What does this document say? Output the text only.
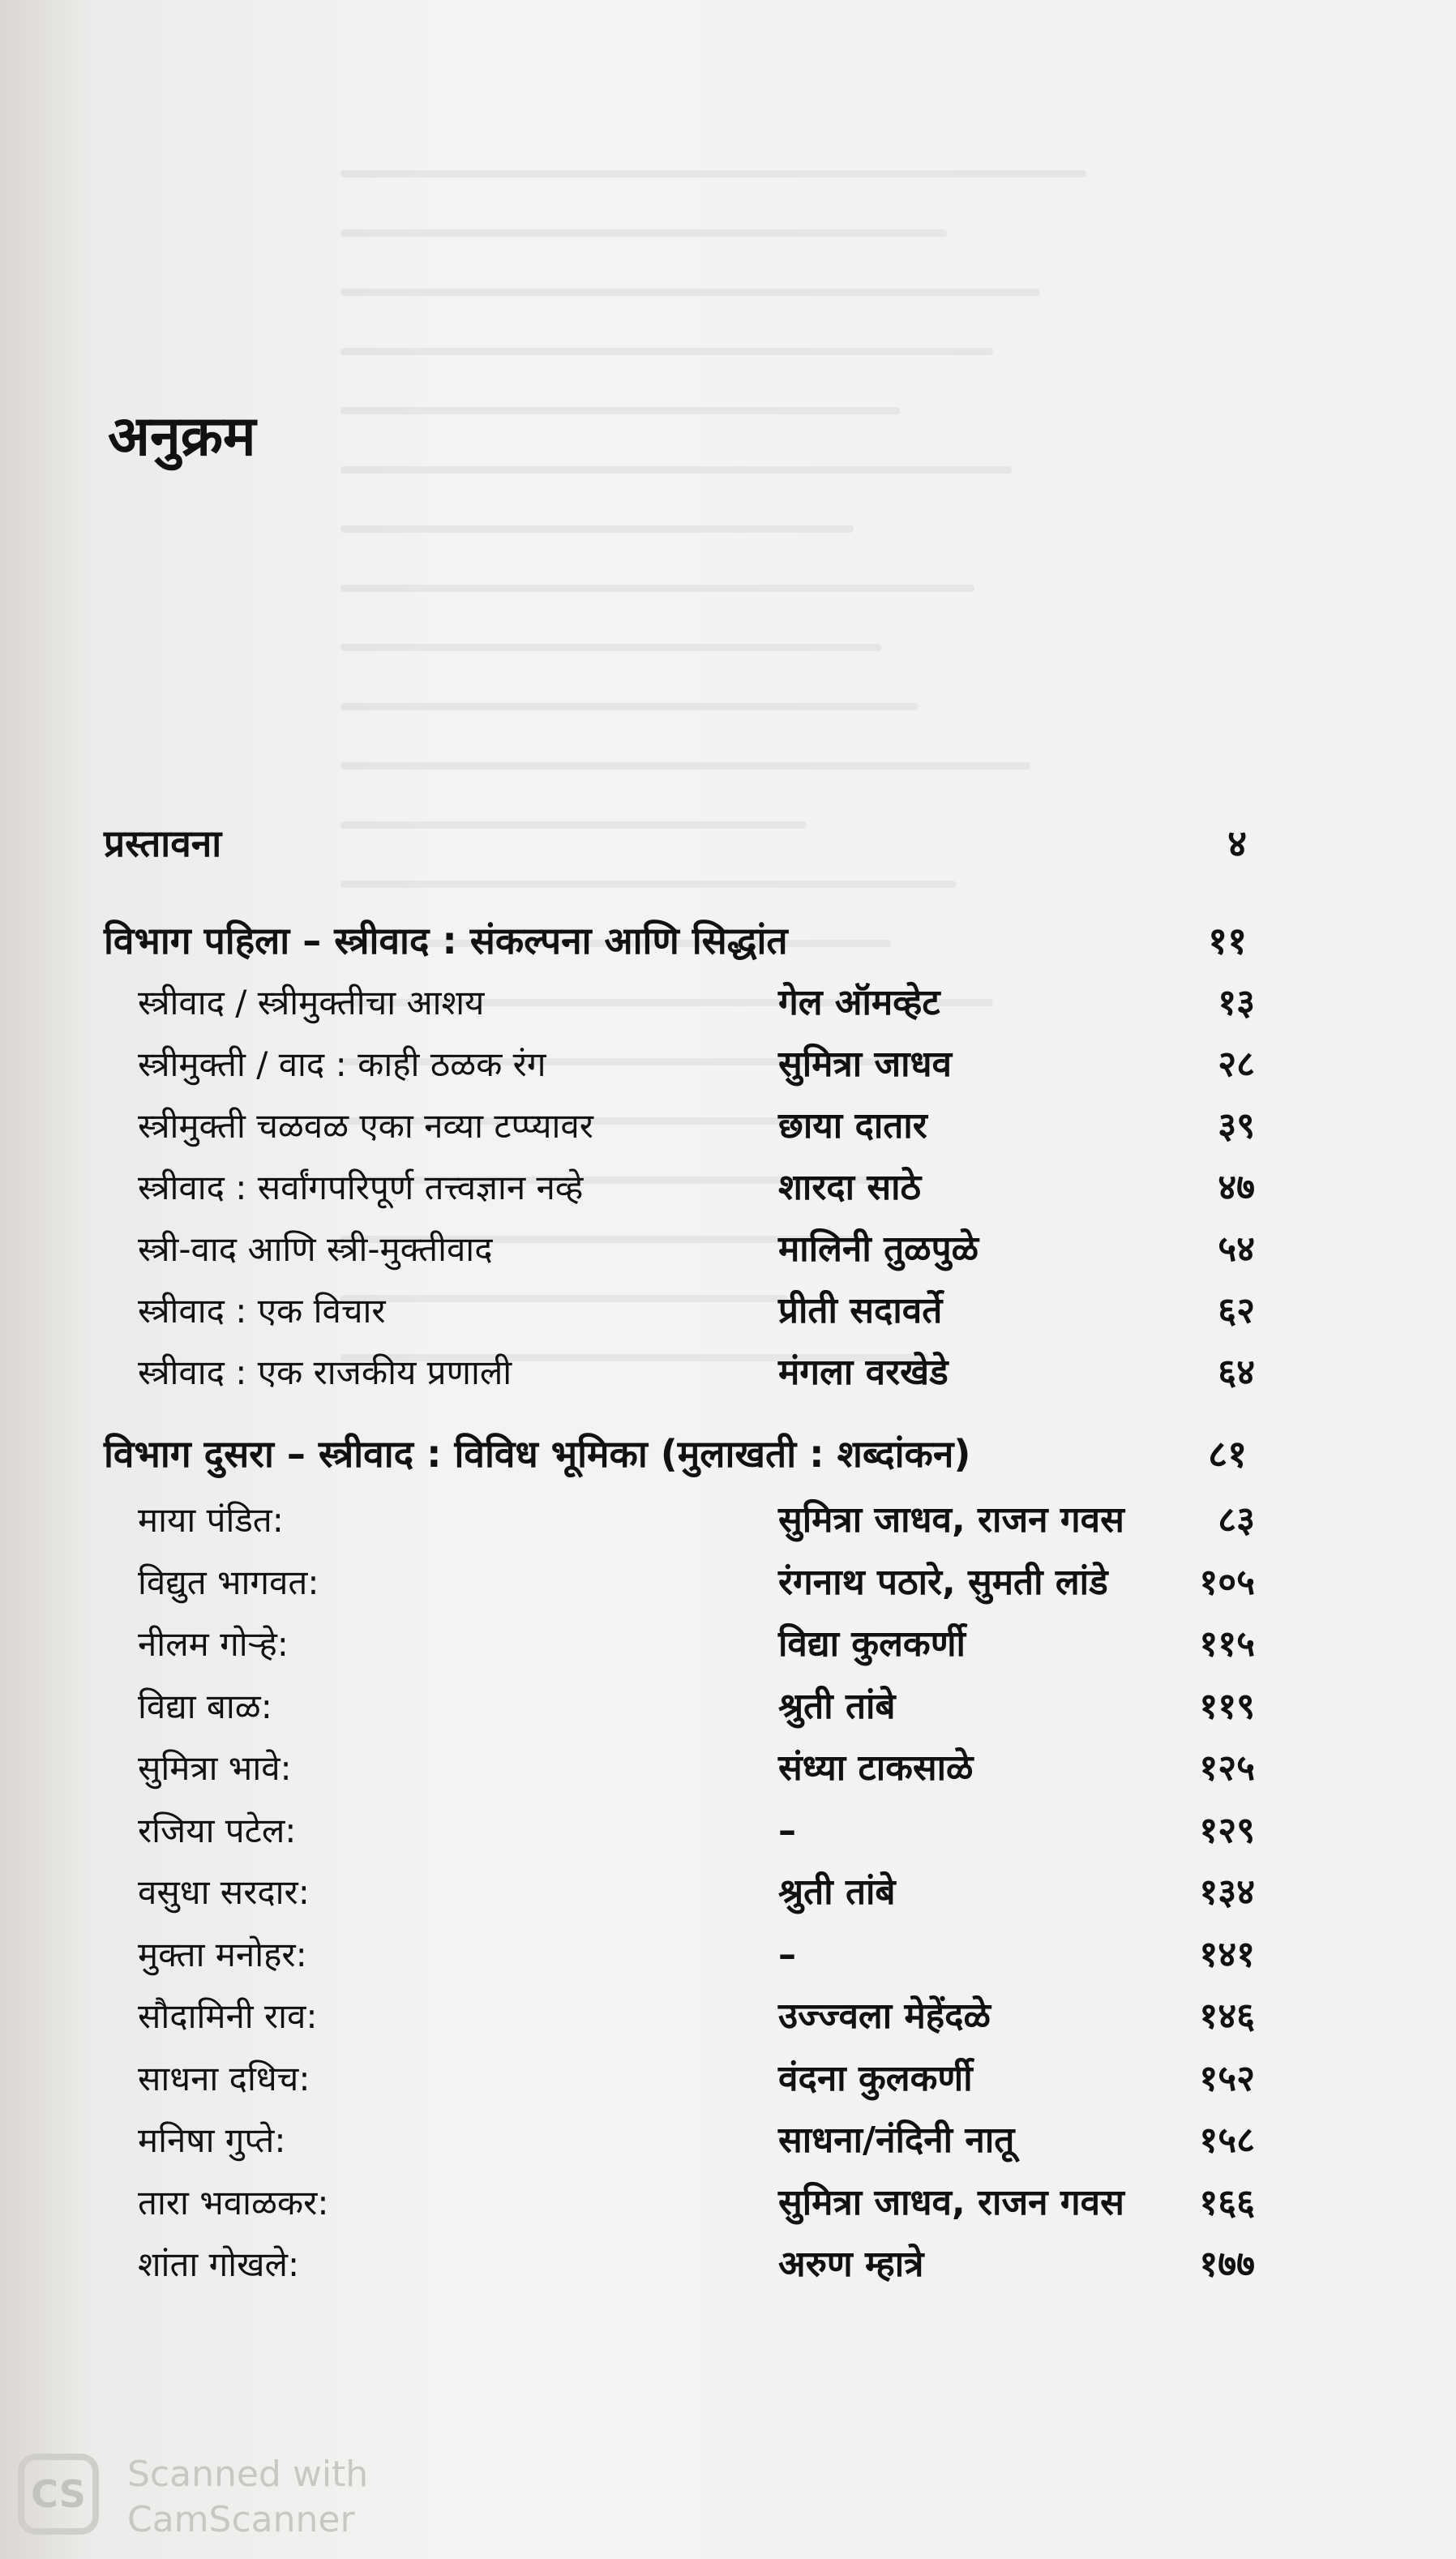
अनुक्रम
प्रस्तावना	४
विभाग पहिला – स्त्रीवाद : संकल्पना आणि सिद्धांत	११
स्त्रीवाद / स्त्रीमुक्तीचा आशय	गेल ऑमव्हेट	१३
स्त्रीमुक्ती / वाद : काही ठळक रंग	सुमित्रा जाधव	२८
स्त्रीमुक्ती चळवळ एका नव्या टप्प्यावर	छाया दातार	३९
स्त्रीवाद : सर्वांगपरिपूर्ण तत्त्वज्ञान नव्हे	शारदा साठे	४७
स्त्री-वाद आणि स्त्री-मुक्तीवाद	मालिनी तुळपुळे	५४
स्त्रीवाद : एक विचार	प्रीती सदावर्ते	६२
स्त्रीवाद : एक राजकीय प्रणाली	मंगला वरखेडे	६४
विभाग दुसरा – स्त्रीवाद : विविध भूमिका (मुलाखती : शब्दांकन)	८१
माया पंडित:	सुमित्रा जाधव, राजन गवस	८३
विद्युत भागवत:	रंगनाथ पठारे, सुमती लांडे	१०५
नीलम गोऱ्हे:	विद्या कुलकर्णी	११५
विद्या बाळ:	श्रुती तांबे	११९
सुमित्रा भावे:	संध्या टाकसाळे	१२५
रजिया पटेल:	–	१२९
वसुधा सरदार:	श्रुती तांबे	१३४
मुक्ता मनोहर:	–	१४१
सौदामिनी राव:	उज्ज्वला मेहेंदळे	१४६
साधना दधिच:	वंदना कुलकर्णी	१५२
मनिषा गुप्ते:	साधना/नंदिनी नातू	१५८
तारा भवाळकर:	सुमित्रा जाधव, राजन गवस १६६
शांता गोखले:	अरुण म्हात्रे	१७७
CS	Scanned with
CamScanner
